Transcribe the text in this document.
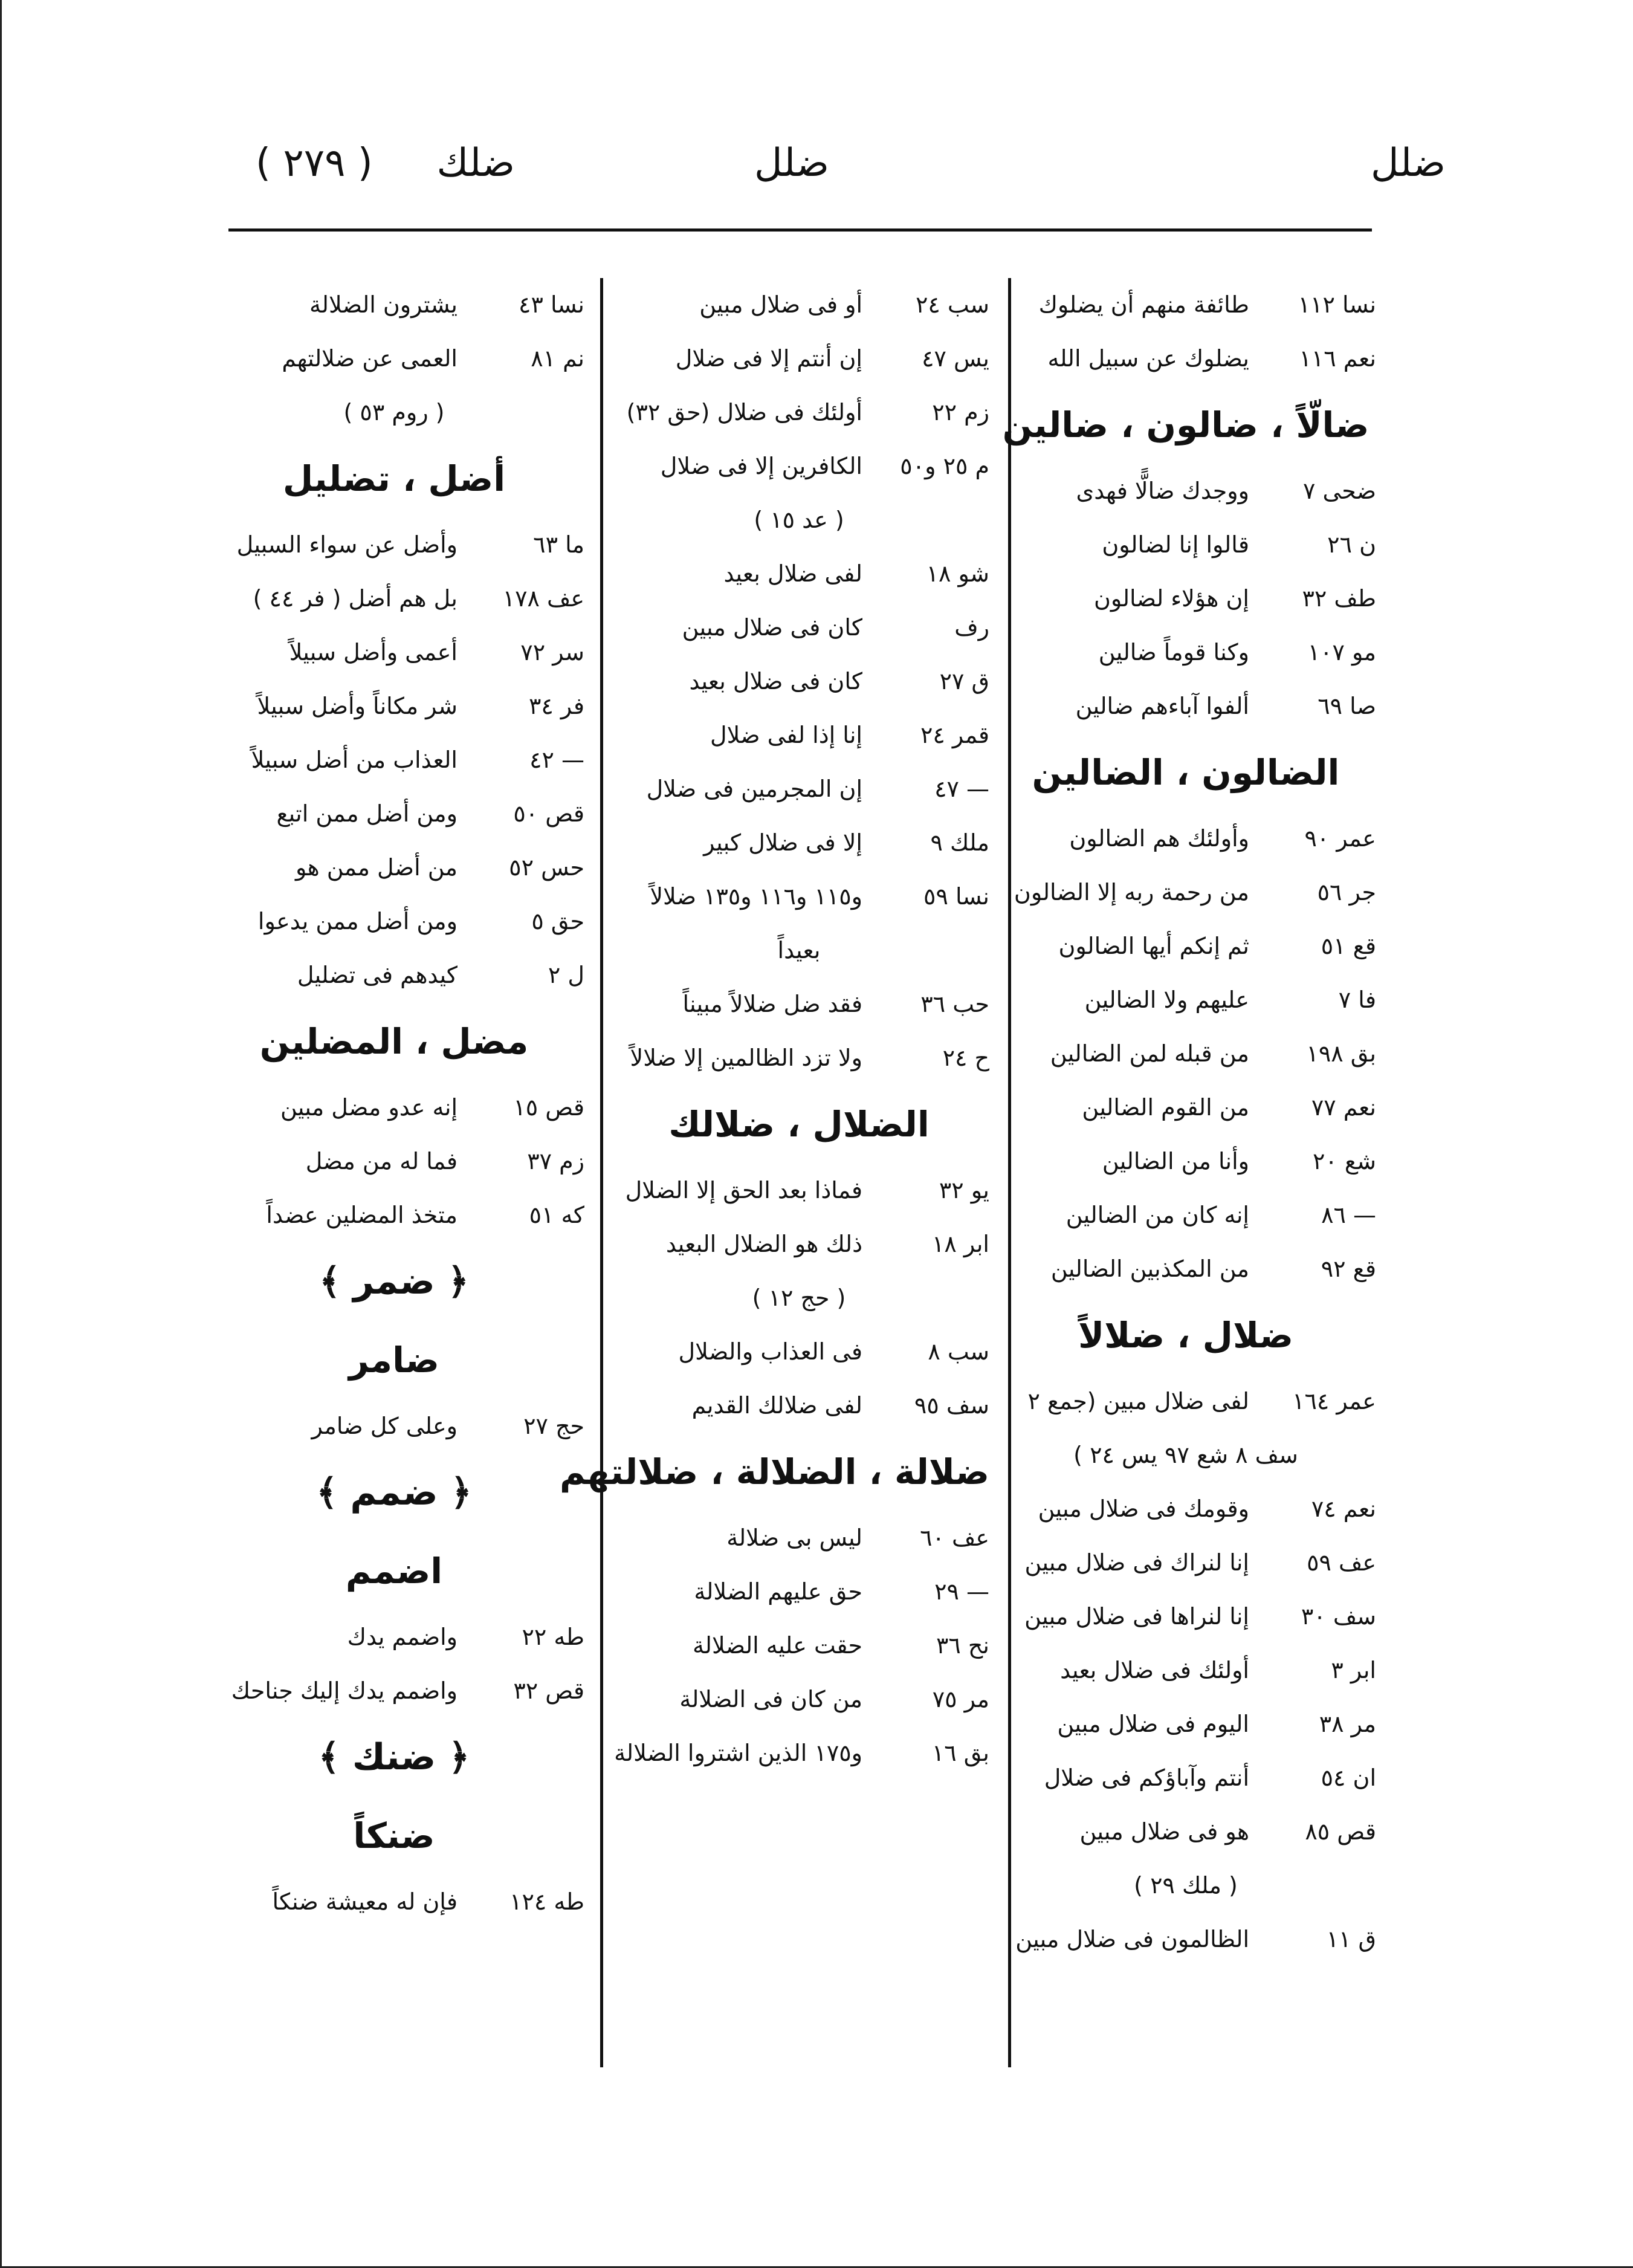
ضلل
ضلل
ضلك
( ٢٧٩ )
نسا ١١٢
طائفة منهم أن يضلوك
نعم ١١٦
يضلوك عن سبيل الله
ضالّاً ، ضالون ، ضالين
ضحى ٧
ووجدك ضالًّا فهدى
ن ٢٦
قالوا إنا لضالون
طف ٣٢
إن هؤلاء لضالون
مو ١٠٧
وكنا قوماً ضالين
صا ٦٩
ألفوا آباءهم ضالين
الضالون ، الضالين
عمر ٩٠
وأولئك هم الضالون
جر ٥٦
من رحمة ربه إلا الضالون
قع ٥١
ثم إنكم أيها الضالون
فا ٧
عليهم ولا الضالين
بق ١٩٨
من قبله لمن الضالين
نعم ٧٧
من القوم الضالين
شع ٢٠
وأنا من الضالين
— ٨٦
إنه كان من الضالين
قع ٩٢
من المكذبين الضالين
ضلال ، ضلالاً
عمر ١٦٤
لفى ضلال مبين (جمع ٢
سف ٨ شع ٩٧ يس ٢٤ )
نعم ٧٤
وقومك فى ضلال مبين
عف ٥٩
إنا لنراك فى ضلال مبين
سف ٣٠
إنا لنراها فى ضلال مبين
ابر ٣
أولئك فى ضلال بعيد
مر ٣٨
اليوم فى ضلال مبين
ان ٥٤
أنتم وآباؤكم فى ضلال
قص ٨٥
هو فى ضلال مبين
( ملك ٢٩ )
ق ١١
الظالمون فى ضلال مبين
سب ٢٤
أو فى ضلال مبين
يس ٤٧
إن أنتم إلا فى ضلال
زم ٢٢
أولئك فى ضلال (حق ٣٢)
م ٢٥ و٥٠
الكافرين إلا فى ضلال
( عد ١٥ )
شو ١٨
لفى ضلال بعيد
رف
كان فى ضلال مبين
ق ٢٧
كان فى ضلال بعيد
قمر ٢٤
إنا إذا لفى ضلال
— ٤٧
إن المجرمين فى ضلال
ملك ٩
إلا فى ضلال كبير
نسا ٥٩
و١١٥ و١١٦ و١٣٥ ضلالاً
بعيداً
حب ٣٦
فقد ضل ضلالاً مبيناً
ح ٢٤
ولا تزد الظالمين إلا ضلالاً
الضلال ، ضلالك
يو ٣٢
فماذا بعد الحق إلا الضلال
ابر ١٨
ذلك هو الضلال البعيد
( حج ١٢ )
سب ٨
فى العذاب والضلال
سف ٩٥
لفى ضلالك القديم
ضلالة ، الضلالة ، ضلالتهم
عف ٦٠
ليس بى ضلالة
— ٢٩
حق عليهم الضلالة
نح ٣٦
حقت عليه الضلالة
مر ٧٥
من كان فى الضلالة
بق ١٦
و١٧٥ الذين اشتروا الضلالة
نسا ٤٣
يشترون الضلالة
نم ٨١
العمى عن ضلالتهم
( روم ٥٣ )
أضل ، تضليل
ما ٦٣
وأضل عن سواء السبيل
عف ١٧٨
بل هم أضل ( فر ٤٤ )
سر ٧٢
أعمى وأضل سبيلاً
فر ٣٤
شر مكاناً وأضل سبيلاً
— ٤٢
العذاب من أضل سبيلاً
قص ٥٠
ومن أضل ممن اتبع
حس ٥٢
من أضل ممن هو
حق ٥
ومن أضل ممن يدعوا
ل ٢
كيدهم فى تضليل
مضل ، المضلين
قص ١٥
إنه عدو مضل مبين
زم ٣٧
فما له من مضل
كه ٥١
متخذ المضلين عضداً
﴿ ضمر ﴾
ضامر
حج ٢٧
وعلى كل ضامر
﴿ ضمم ﴾
اضمم
طه ٢٢
واضمم يدك
قص ٣٢
واضمم يدك إليك جناحك
﴿ ضنك ﴾
ضنكاً
طه ١٢٤
فإن له معيشة ضنكاً
